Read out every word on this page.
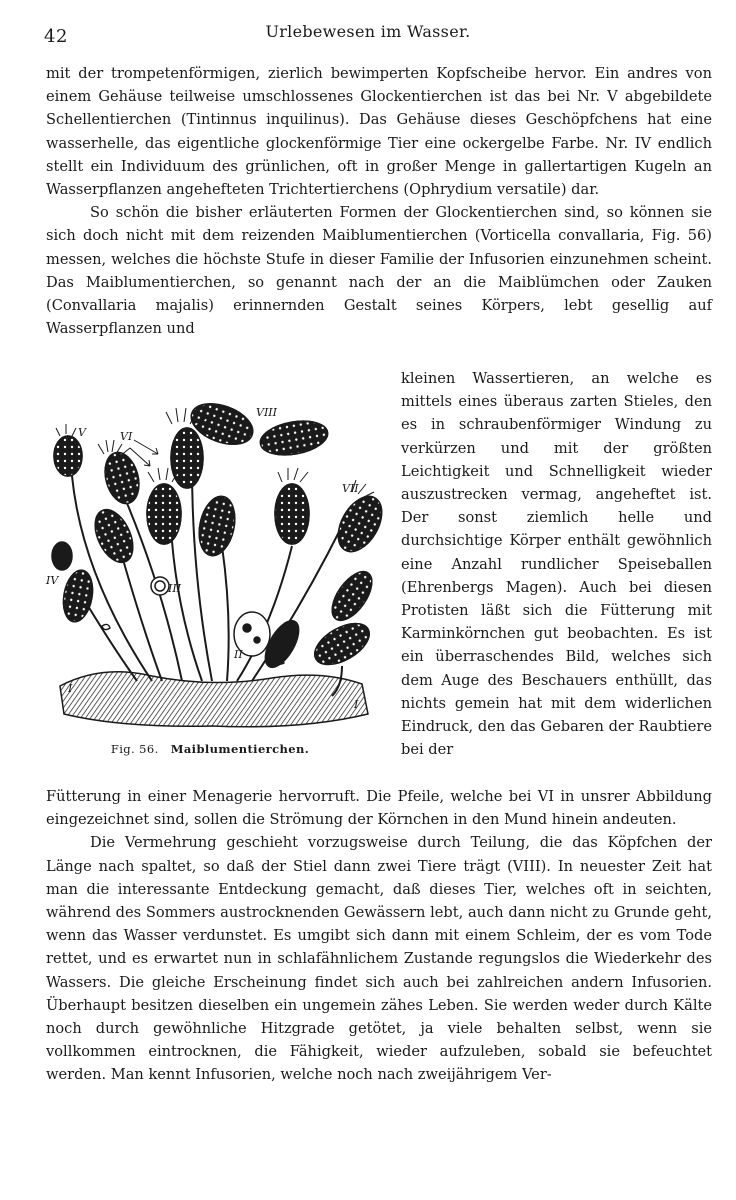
42	Urlebewesen im Wasser.

mit der trompetenförmigen, zierlich bewimperten Kopfscheibe hervor. Ein andres von einem Gehäuse teilweise umschlossenes Glockentierchen ist das bei Nr. V abgebildete Schellentierchen (Tintinnus inquilinus). Das Gehäuse dieses Geschöpfchens hat eine wasserhelle, das eigentliche glockenförmige Tier eine ockergelbe Farbe. Nr. IV endlich stellt ein Individuum des grünlichen, oft in großer Menge in gallertartigen Kugeln an Wasserpflanzen angehefteten Trichtertierchens (Ophrydium versatile) dar.

So schön die bisher erläuterten Formen der Glockentierchen sind, so können sie sich doch nicht mit dem reizenden Maiblumentierchen (Vorticella convallaria, Fig. 56) messen, welches die höchste Stufe in dieser Familie der Infusorien einzunehmen scheint. Das Maiblumentierchen, so genannt nach der an die Maiblümchen oder Zauken (Convallaria majalis) erinnernden Gestalt seines Körpers, lebt gesellig auf Wasserpflanzen und

kleinen Wassertieren, an welche es mittels eines überaus zarten Stieles, den es in schraubenförmiger Windung zu verkürzen und mit der größten Leichtigkeit und Schnelligkeit wieder auszustrecken vermag, angeheftet ist. Der sonst ziemlich helle und durchsichtige Körper enthält gewöhnlich eine Anzahl rundlicher Speiseballen (Ehrenbergs Magen). Auch bei diesen Protisten läßt sich die Fütterung mit Karminkörnchen gut beobachten. Es ist ein überraschendes Bild, welches sich dem Auge des Beschauers enthüllt, das nichts gemein hat mit dem widerlichen Eindruck, den das Gebaren der Raubtiere bei der

V	VI
VIII
VII
IV
III
II
I
I
Fig. 56. Maiblumentierchen.

Fütterung in einer Menagerie hervorruft. Die Pfeile, welche bei VI in unsrer Abbildung eingezeichnet sind, sollen die Strömung der Körnchen in den Mund hinein andeuten.

Die Vermehrung geschieht vorzugsweise durch Teilung, die das Köpfchen der Länge nach spaltet, so daß der Stiel dann zwei Tiere trägt (VIII). In neuester Zeit hat man die interessante Entdeckung gemacht, daß dieses Tier, welches oft in seichten, während des Sommers austrocknenden Gewässern lebt, auch dann nicht zu Grunde geht, wenn das Wasser verdunstet. Es umgibt sich dann mit einem Schleim, der es vom Tode rettet, und es erwartet nun in schlafähnlichem Zustande regungslos die Wiederkehr des Wassers. Die gleiche Erscheinung findet sich auch bei zahlreichen andern Infusorien. Überhaupt besitzen dieselben ein ungemein zähes Leben. Sie werden weder durch Kälte noch durch gewöhnliche Hitzgrade getötet, ja viele behalten selbst, wenn sie vollkommen eintrocknen, die Fähigkeit, wieder aufzuleben, sobald sie befeuchtet werden. Man kennt Infusorien, welche noch nach zweijährigem Ver-
